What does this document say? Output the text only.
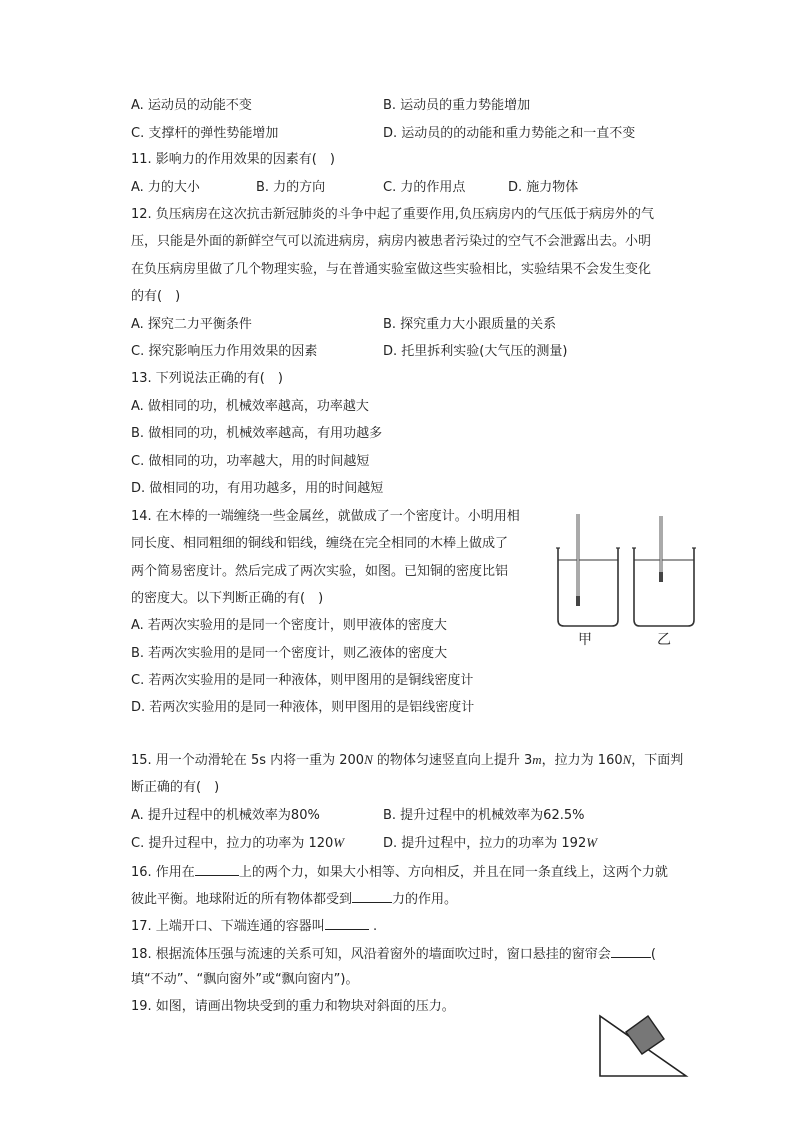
A. 运动员的动能不变	B. 运动员的重力势能增加
C. 支撑杆的弹性势能增加	D. 运动员的的动能和重力势能之和一直不变
11. 影响力的作用效果的因素有(　)
A. 力的大小	B. 力的方向	C. 力的作用点	D. 施力物体
12. 负压病房在这次抗击新冠肺炎的斗争中起了重要作用,负压病房内的气压低于病房外的气
压，只能是外面的新鲜空气可以流进病房，病房内被患者污染过的空气不会泄露出去。小明
在负压病房里做了几个物理实验，与在普通实验室做这些实验相比，实验结果不会发生变化
的有(　)
A. 探究二力平衡条件	B. 探究重力大小跟质量的关系
C. 探究影响压力作用效果的因素	D. 托里拆利实验(大气压的测量)
13. 下列说法正确的有(　)
A. 做相同的功，机械效率越高，功率越大
B. 做相同的功，机械效率越高，有用功越多
C. 做相同的功，功率越大，用的时间越短
D. 做相同的功，有用功越多，用的时间越短
14. 在木棒的一端缠绕一些金属丝，就做成了一个密度计。小明用相
同长度、相同粗细的铜线和铝线，缠绕在完全相同的木棒上做成了
两个简易密度计。然后完成了两次实验，如图。已知铜的密度比铝
的密度大。以下判断正确的有(　)
A. 若两次实验用的是同一个密度计，则甲液体的密度大
B. 若两次实验用的是同一个密度计，则乙液体的密度大
C. 若两次实验用的是同一种液体，则甲图用的是铜线密度计
D. 若两次实验用的是同一种液体，则甲图用的是铝线密度计
甲	乙
15. 用一个动滑轮在 5s 内将一重为 200N 的物体匀速竖直向上提升 3m，拉力为 160N，下面判
断正确的有(　)
A. 提升过程中的机械效率为80%	B. 提升过程中的机械效率为62.5%
C. 提升过程中，拉力的功率为 120W	D. 提升过程中，拉力的功率为 192W
16. 作用在	上的两个力，如果大小相等、方向相反，并且在同一条直线上，这两个力就
彼此平衡。地球附近的所有物体都受到	力的作用。
17. 上端开口、下端连通的容器叫	.
18. 根据流体压强与流速的关系可知，风沿着窗外的墙面吹过时，窗口悬挂的窗帘会	(
填“不动”、“飘向窗外”或“飘向窗内”)。
19. 如图，请画出物块受到的重力和物块对斜面的压力。
